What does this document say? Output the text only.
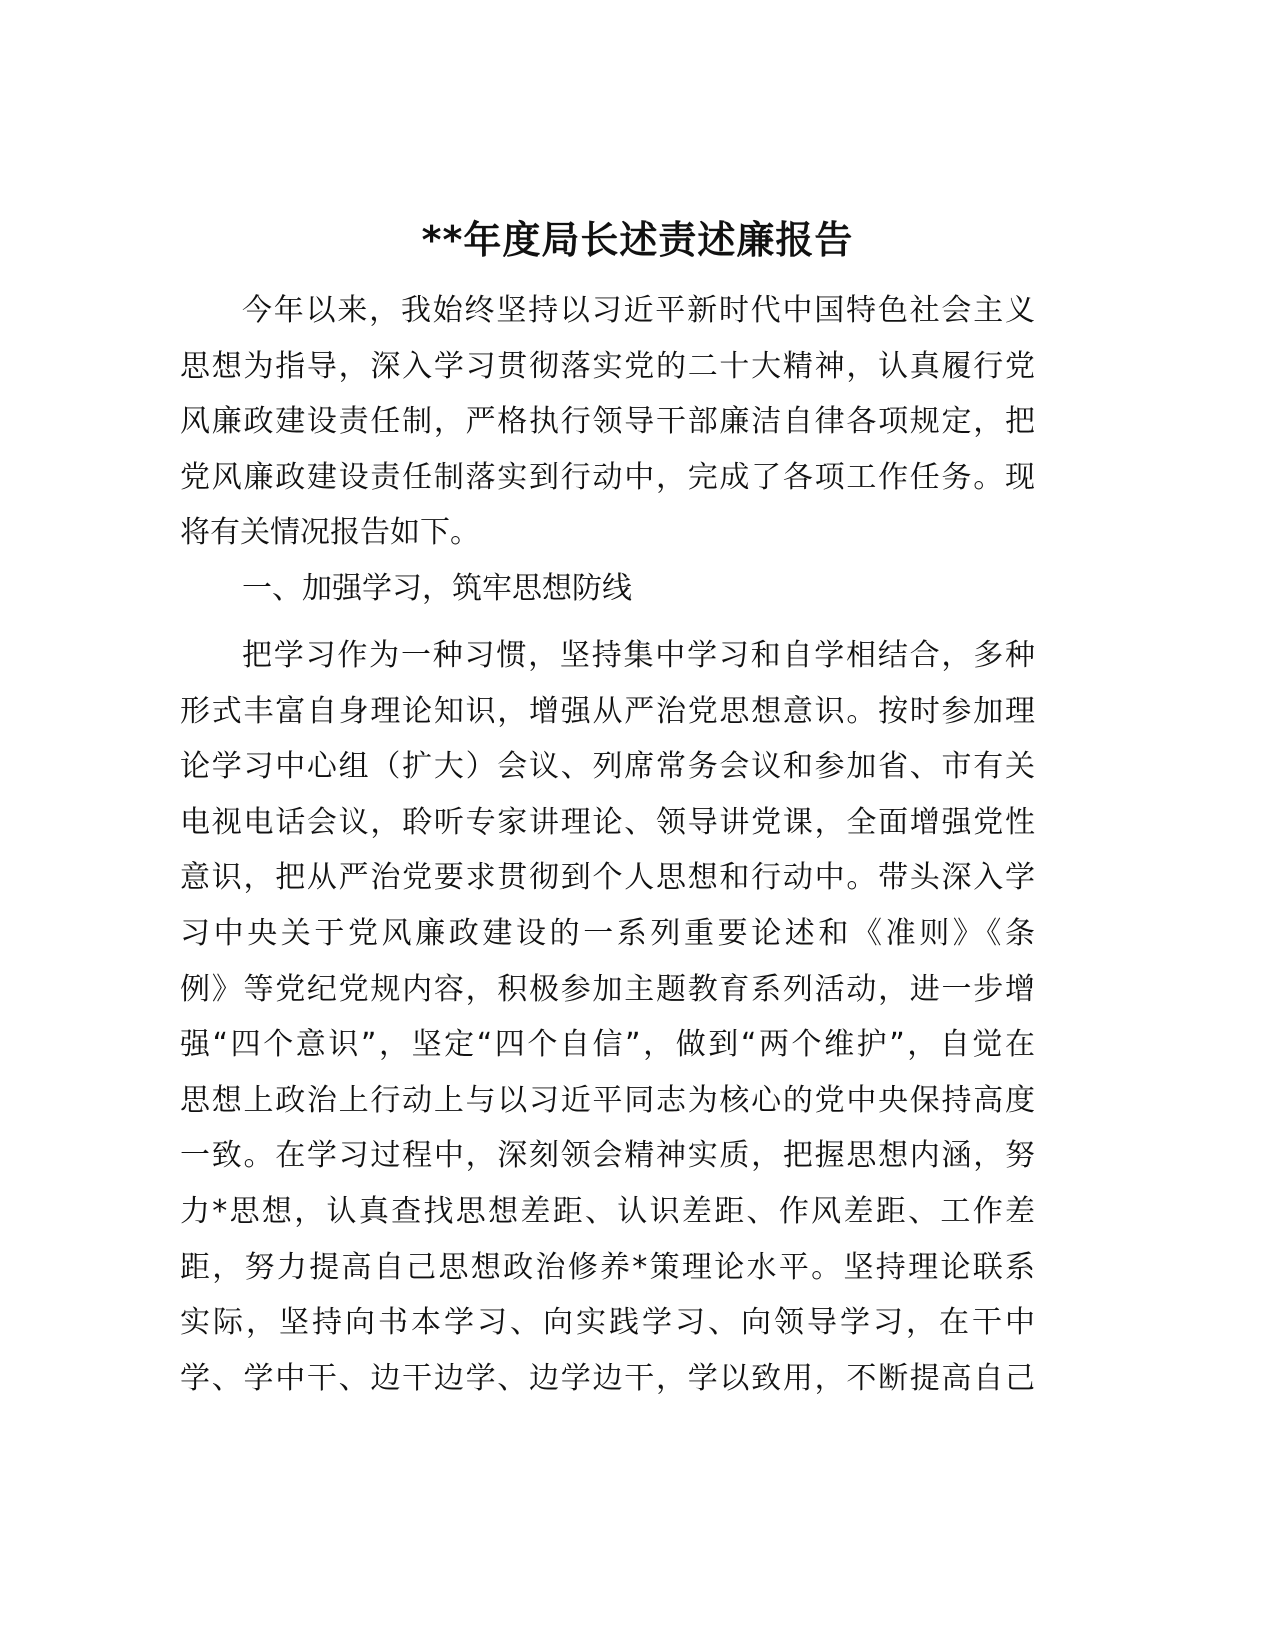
**年度局长述责述廉报告
今年以来，我始终坚持以习近平新时代中国特色社会主义
思想为指导，深入学习贯彻落实党的二十大精神，认真履行党
风廉政建设责任制，严格执行领导干部廉洁自律各项规定，把
党风廉政建设责任制落实到行动中，完成了各项工作任务。现
将有关情况报告如下。
一、加强学习，筑牢思想防线
把学习作为一种习惯，坚持集中学习和自学相结合，多种
形式丰富自身理论知识，增强从严治党思想意识。按时参加理
论学习中心组（扩大）会议、列席常务会议和参加省、市有关
电视电话会议，聆听专家讲理论、领导讲党课，全面增强党性
意识，把从严治党要求贯彻到个人思想和行动中。带头深入学
习中央关于党风廉政建设的一系列重要论述和《准则》《条
例》等党纪党规内容，积极参加主题教育系列活动，进一步增
强“四个意识”，坚定“四个自信”，做到“两个维护”，自觉在
思想上政治上行动上与以习近平同志为核心的党中央保持高度
一致。在学习过程中，深刻领会精神实质，把握思想内涵，努
力*思想，认真查找思想差距、认识差距、作风差距、工作差
距，努力提高自己思想政治修养*策理论水平。坚持理论联系
实际，坚持向书本学习、向实践学习、向领导学习，在干中
学、学中干、边干边学、边学边干，学以致用，不断提高自己
